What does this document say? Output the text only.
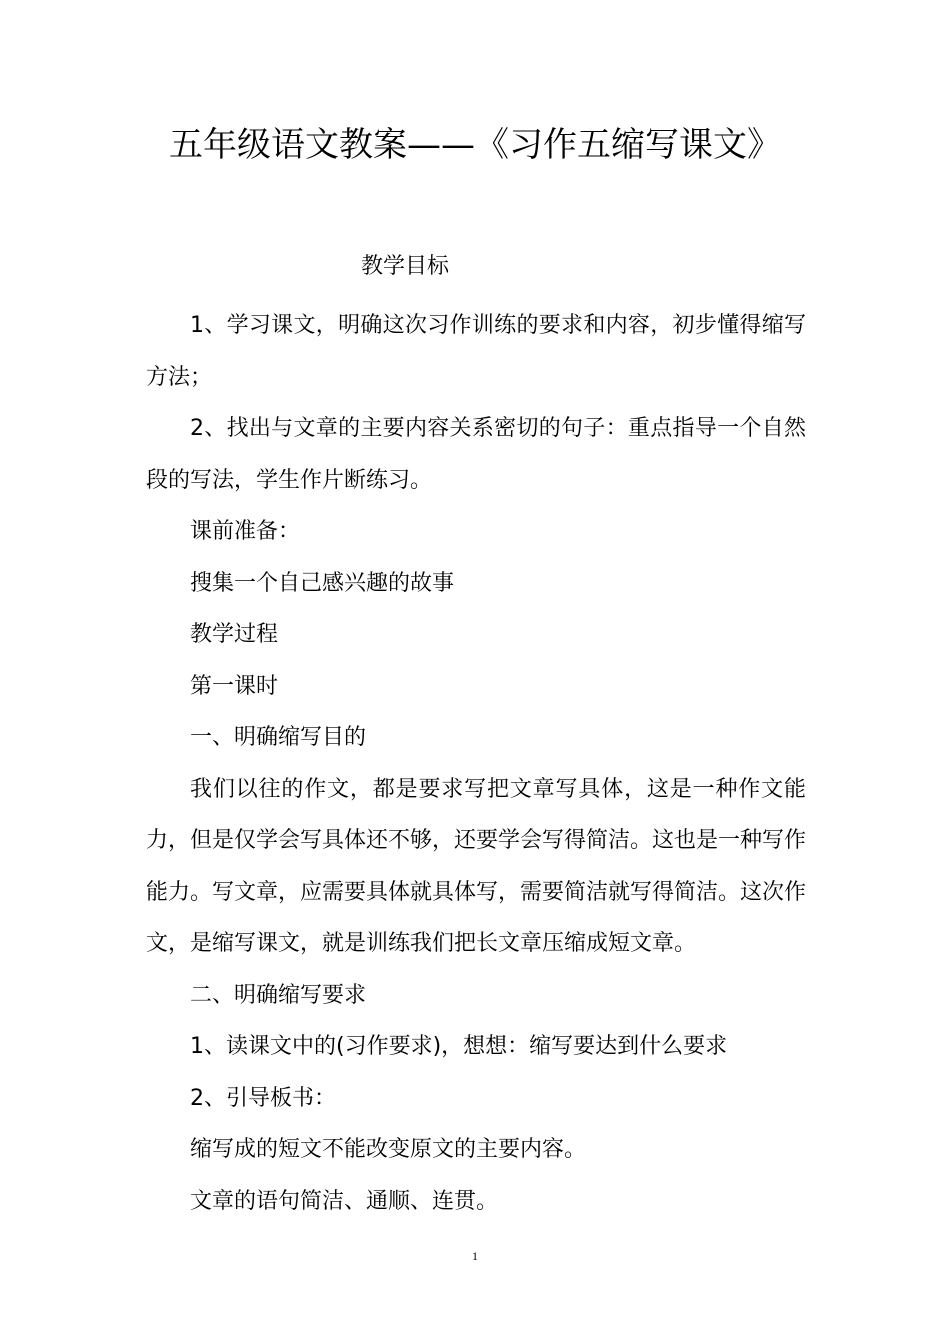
五年级语文教案——《习作五缩写课文》
教学目标

1、学习课文，明确这次习作训练的要求和内容，初步懂得缩写方法；

2、找出与文章的主要内容关系密切的句子：重点指导一个自然段的写法，学生作片断练习。

课前准备：

搜集一个自己感兴趣的故事

教学过程

第一课时

一、明确缩写目的

我们以往的作文，都是要求写把文章写具体，这是一种作文能力，但是仅学会写具体还不够，还要学会写得简洁。这也是一种写作能力。写文章，应需要具体就具体写，需要简洁就写得简洁。这次作文，是缩写课文，就是训练我们把长文章压缩成短文章。

二、明确缩写要求

1、读课文中的(习作要求)，想想：缩写要达到什么要求

2、引导板书：

缩写成的短文不能改变原文的主要内容。

文章的语句简洁、通顺、连贯。

1
